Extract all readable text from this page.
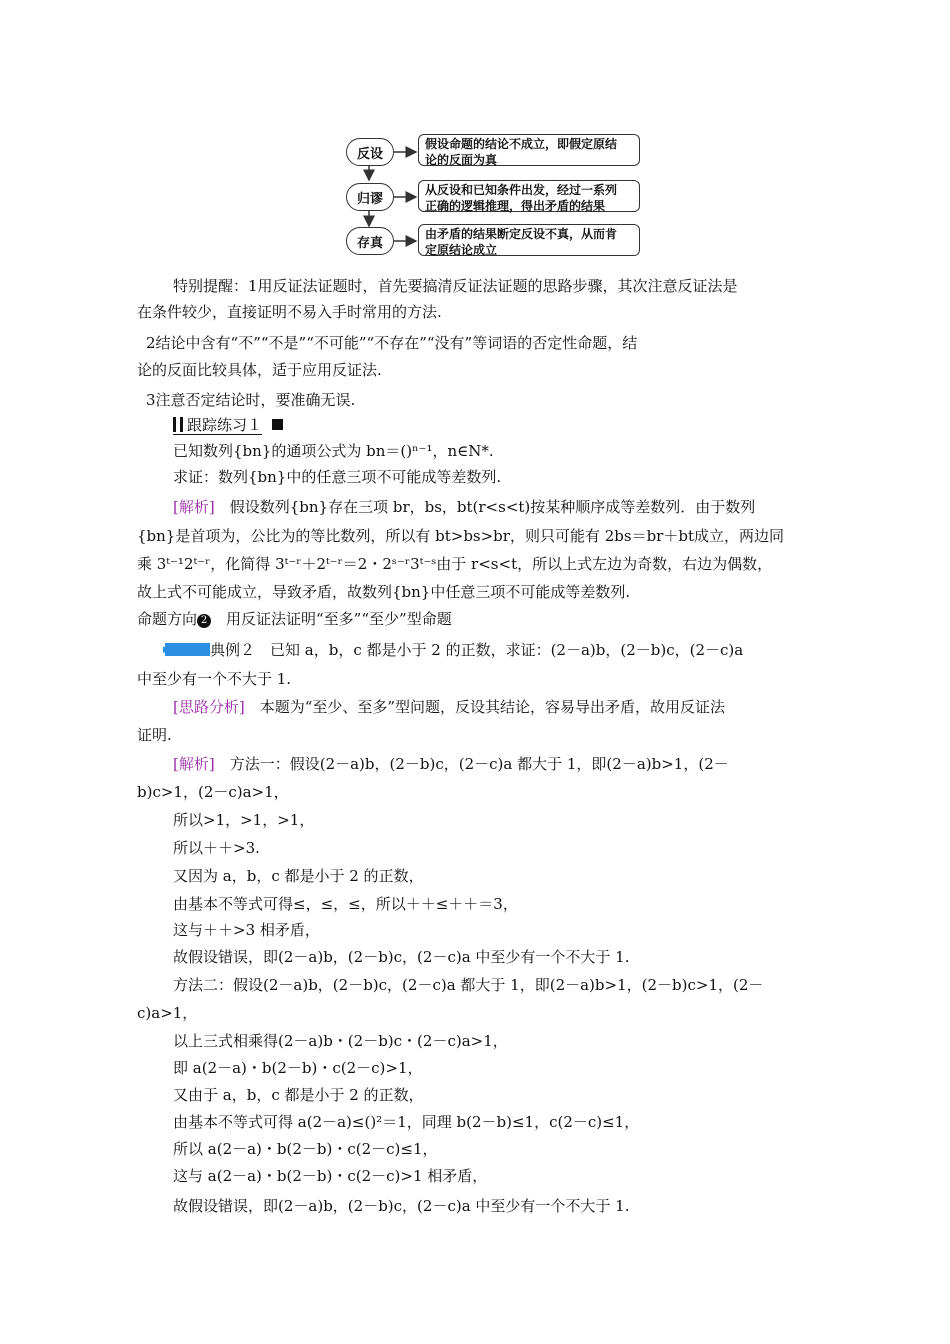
反设
假设命题的结论不成立，即假定原结
论的反面为真
归谬
从反设和已知条件出发，经过一系列
正确的逻辑推理，得出矛盾的结果
存真
由矛盾的结果断定反设不真，从而肯
定原结论成立
特别提醒：1用反证法证题时，首先要搞清反证法证题的思路步骤，其次注意反证法是
在条件较少，直接证明不易入手时常用的方法.
2结论中含有“不”“不是”“不可能”“不存在”“没有”等词语的否定性命题，结
论的反面比较具体，适于应用反证法.
3注意否定结论时，要准确无误.
跟踪练习１
已知数列{bn}的通项公式为 bn＝()ⁿ⁻¹，n∈N*.
求证：数列{bn}中的任意三项不可能成等差数列.
[解析]　假设数列{bn}存在三项 br，bs，bt(r<s<t)按某种顺序成等差数列．由于数列
{bn}是首项为，公比为的等比数列，所以有 bt>bs>br，则只可能有 2bs＝br＋bt成立，两边同
乘 3ᵗ⁻¹2ᵗ⁻ʳ，化简得 3ᵗ⁻ʳ＋2ᵗ⁻ʳ＝2・2ˢ⁻ʳ3ᵗ⁻ˢ由于 r<s<t，所以上式左边为奇数，右边为偶数，
故上式不可能成立，导致矛盾，故数列{bn}中任意三项不可能成等差数列.
命题方向 2　用反证法证明“至多”“至少”型命题
▶▶典例２　已知 a，b，c 都是小于 2 的正数，求证：(2－a)b，(2－b)c，(2－c)a
中至少有一个不大于 1.
[思路分析]　本题为“至少、至多”型问题，反设其结论，容易导出矛盾，故用反证法
证明.
[解析]　方法一：假设(2－a)b，(2－b)c，(2－c)a 都大于 1，即(2－a)b>1，(2－
b)c>1，(2－c)a>1，
所以>1，>1，>1，
所以＋＋>3.
又因为 a，b，c 都是小于 2 的正数，
由基本不等式可得≤，≤，≤，所以＋＋≤＋＋＝3，
这与＋＋>3 相矛盾，
故假设错误，即(2－a)b，(2－b)c，(2－c)a 中至少有一个不大于 1.
方法二：假设(2－a)b，(2－b)c，(2－c)a 都大于 1，即(2－a)b>1，(2－b)c>1，(2－
c)a>1，
以上三式相乘得(2－a)b・(2－b)c・(2－c)a>1，
即 a(2－a)・b(2－b)・c(2－c)>1，
又由于 a，b，c 都是小于 2 的正数，
由基本不等式可得 a(2－a)≤()²＝1，同理 b(2－b)≤1，c(2－c)≤1，
所以 a(2－a)・b(2－b)・c(2－c)≤1，
这与 a(2－a)・b(2－b)・c(2－c)>1 相矛盾，
故假设错误，即(2－a)b，(2－b)c，(2－c)a 中至少有一个不大于 1.
